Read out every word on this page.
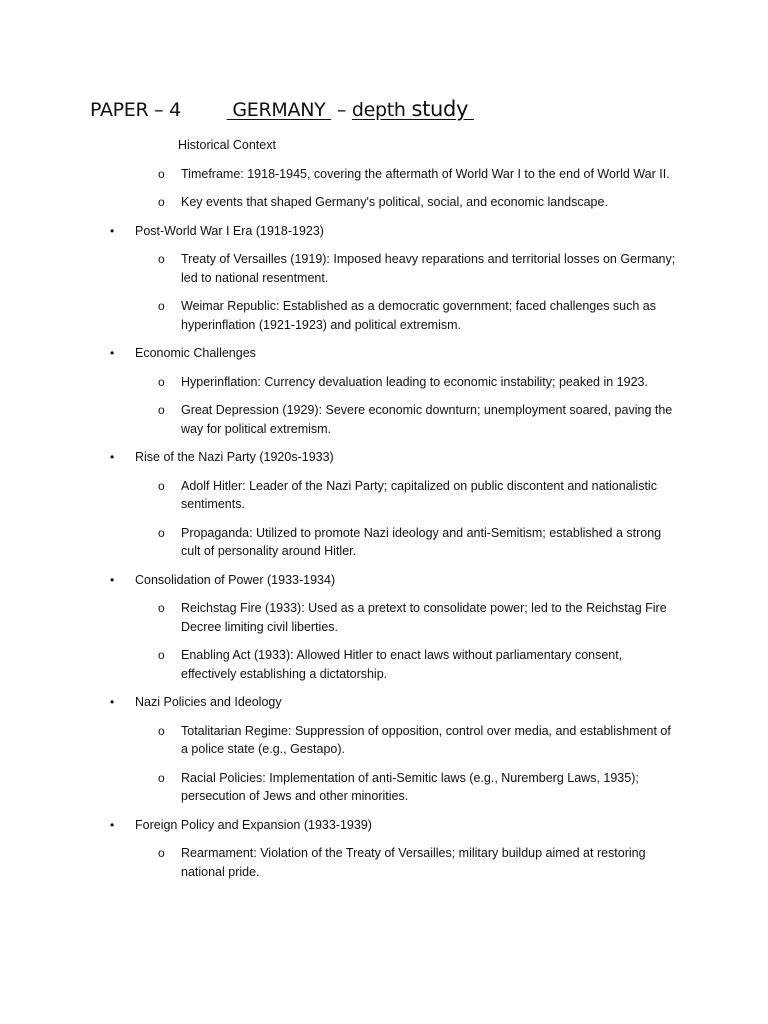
PAPER – 4	GERMANY – depth study
Historical Context
o Timeframe: 1918-1945, covering the aftermath of World War I to the end of World War II.
o Key events that shaped Germany's political, social, and economic landscape.
• Post-World War I Era (1918-1923)
o Treaty of Versailles (1919): Imposed heavy reparations and territorial losses on Germany; led to national resentment.
o Weimar Republic: Established as a democratic government; faced challenges such as hyperinflation (1921-1923) and political extremism.
• Economic Challenges
o Hyperinflation: Currency devaluation leading to economic instability; peaked in 1923.
o Great Depression (1929): Severe economic downturn; unemployment soared, paving the way for political extremism.
• Rise of the Nazi Party (1920s-1933)
o Adolf Hitler: Leader of the Nazi Party; capitalized on public discontent and nationalistic sentiments.
o Propaganda: Utilized to promote Nazi ideology and anti-Semitism; established a strong cult of personality around Hitler.
• Consolidation of Power (1933-1934)
o Reichstag Fire (1933): Used as a pretext to consolidate power; led to the Reichstag Fire Decree limiting civil liberties.
o Enabling Act (1933): Allowed Hitler to enact laws without parliamentary consent, effectively establishing a dictatorship.
• Nazi Policies and Ideology
o Totalitarian Regime: Suppression of opposition, control over media, and establishment of a police state (e.g., Gestapo).
o Racial Policies: Implementation of anti-Semitic laws (e.g., Nuremberg Laws, 1935); persecution of Jews and other minorities.
• Foreign Policy and Expansion (1933-1939)
o Rearmament: Violation of the Treaty of Versailles; military buildup aimed at restoring national pride.
